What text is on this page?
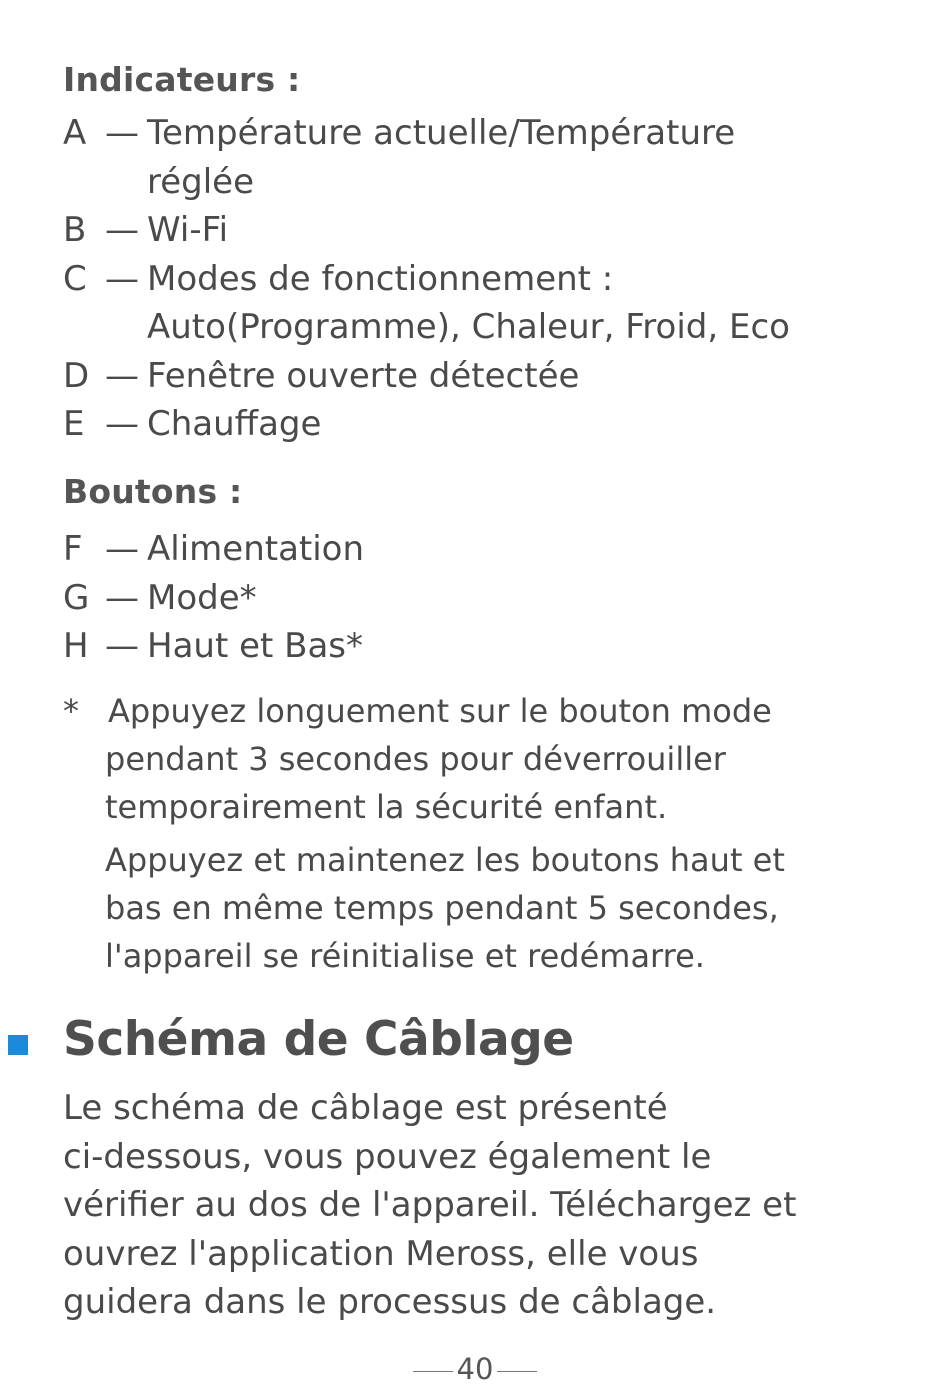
Indicateurs :
A — Température actuelle/Température
réglée
B — Wi-Fi
C — Modes de fonctionnement :
Auto(Programme), Chaleur, Froid, Eco
D — Fenêtre ouverte détectée
E — Chauffage
Boutons :
F — Alimentation
G — Mode*
H — Haut et Bas*
* Appuyez longuement sur le bouton mode
pendant 3 secondes pour déverrouiller
temporairement la sécurité enfant.
Appuyez et maintenez les boutons haut et
bas en même temps pendant 5 secondes,
l'appareil se réinitialise et redémarre.
Schéma de Câblage
Le schéma de câblage est présenté
ci-dessous, vous pouvez également le
vérifier au dos de l'appareil. Téléchargez et
ouvrez l'application Meross, elle vous
guidera dans le processus de câblage.
40
